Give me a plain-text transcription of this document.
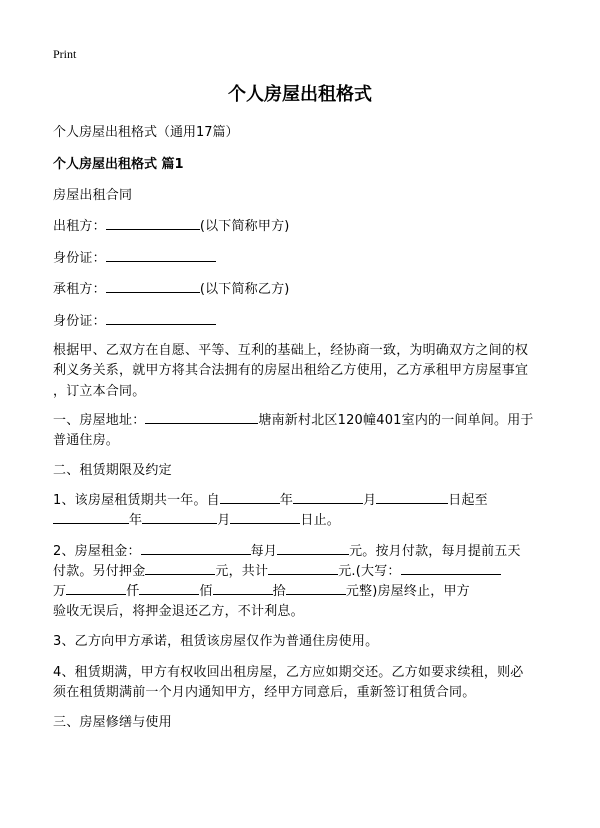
Print
个人房屋出租格式
个人房屋出租格式（通用17篇）
个人房屋出租格式 篇1
房屋出租合同
出租方：	(以下简称甲方)
身份证：
承租方：	(以下简称乙方)
身份证：
根据甲、乙双方在自愿、平等、互利的基础上，经协商一致，为明确双方之间的权
利义务关系，就甲方将其合法拥有的房屋出租给乙方使用，乙方承租甲方房屋事宜
，订立本合同。
一、房屋地址：	塘南新村北区120幢401室内的一间单间。用于
普通住房。
二、租赁期限及约定
1、该房屋租赁期共一年。自	年	月	日起至
年	月	日止。
2、房屋租金：	每月	元。按月付款，每月提前五天
付款。另付押金	元，共计	元.(大写：
万	仟	佰	拾	元整)房屋终止，甲方
验收无误后，将押金退还乙方，不计利息。
3、乙方向甲方承诺，租赁该房屋仅作为普通住房使用。
4、租赁期满，甲方有权收回出租房屋，乙方应如期交还。乙方如要求续租，则必
须在租赁期满前一个月内通知甲方，经甲方同意后，重新签订租赁合同。
三、房屋修缮与使用
